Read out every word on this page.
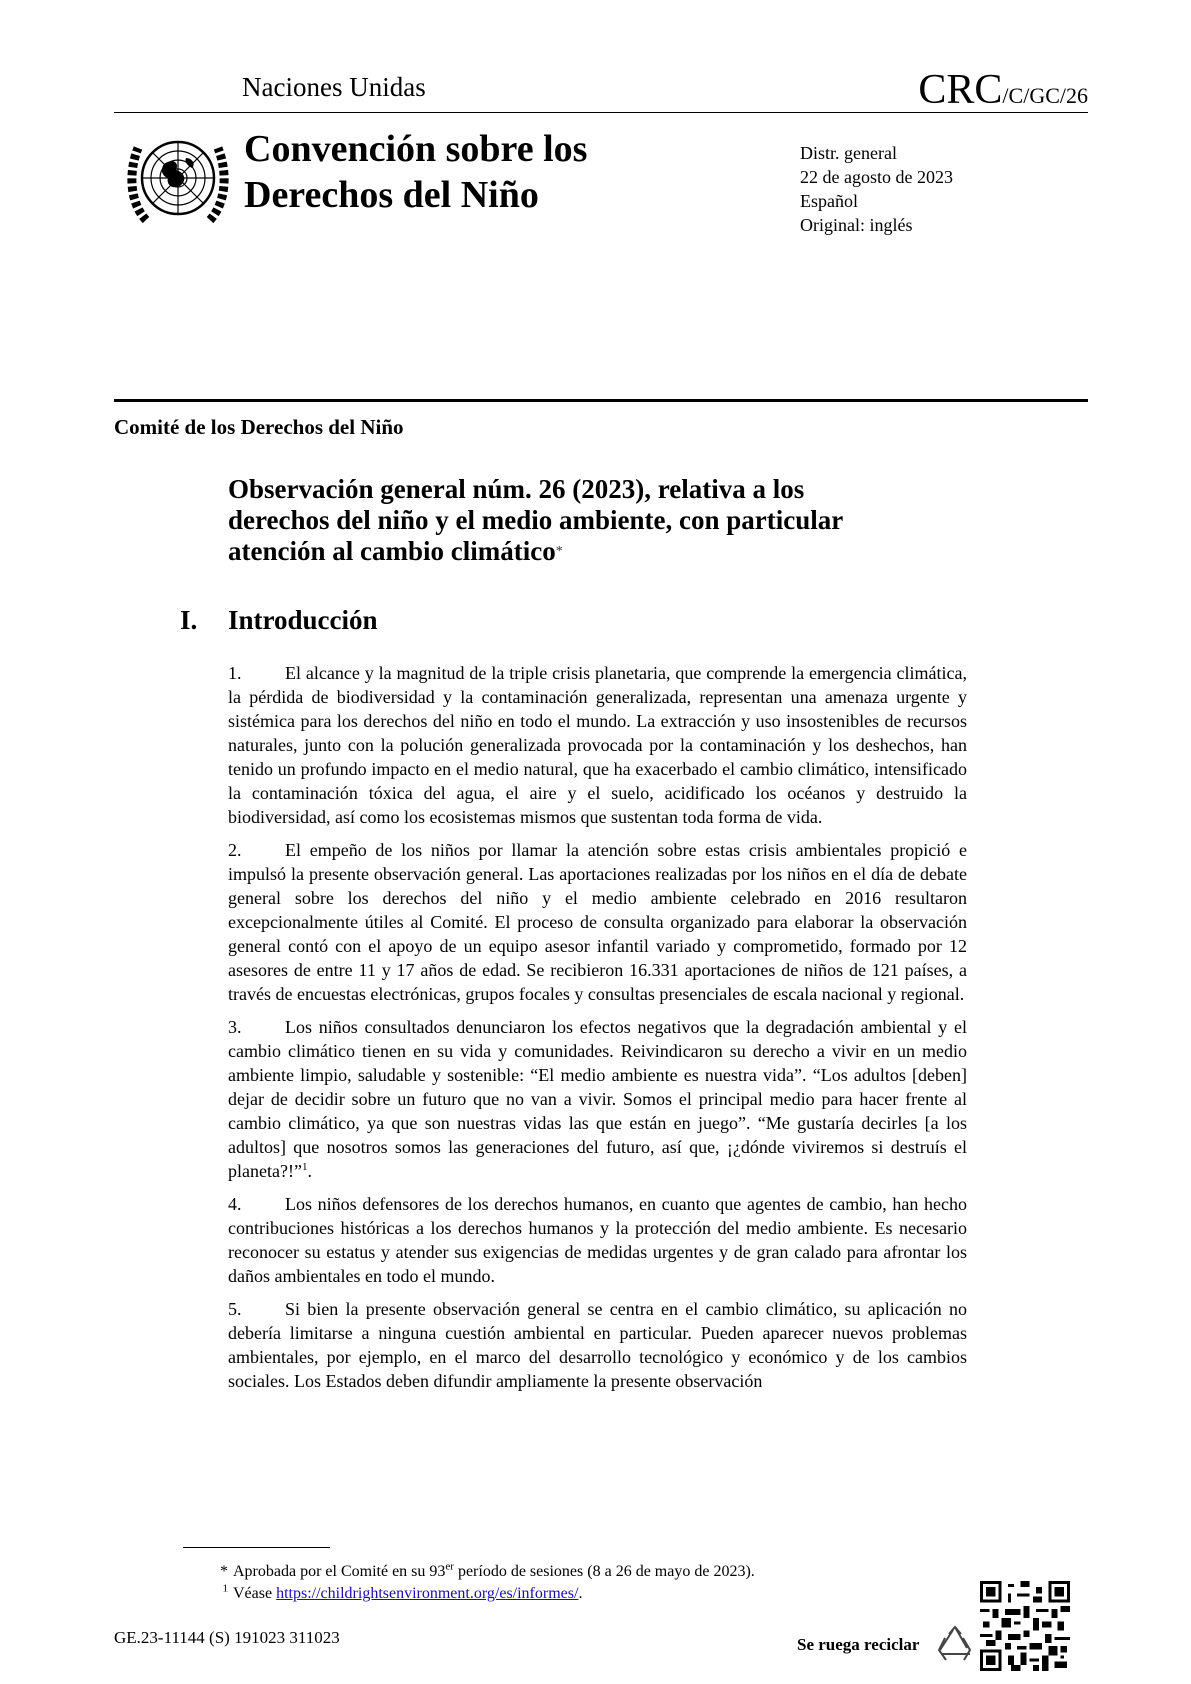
Naciones Unidas	CRC/C/GC/26
Convención sobre los
Derechos del Niño
Distr. general
22 de agosto de 2023
Español
Original: inglés
Comité de los Derechos del Niño
Observación general núm. 26 (2023), relativa a los
derechos del niño y el medio ambiente, con particular
atención al cambio climático*
I. Introducción

1. El alcance y la magnitud de la triple crisis planetaria, que comprende la emergencia climática, la pérdida de biodiversidad y la contaminación generalizada, representan una amenaza urgente y sistémica para los derechos del niño en todo el mundo. La extracción y uso insostenibles de recursos naturales, junto con la polución generalizada provocada por la contaminación y los deshechos, han tenido un profundo impacto en el medio natural, que ha exacerbado el cambio climático, intensificado la contaminación tóxica del agua, el aire y el suelo, acidificado los océanos y destruido la biodiversidad, así como los ecosistemas mismos que sustentan toda forma de vida.

2. El empeño de los niños por llamar la atención sobre estas crisis ambientales propició e impulsó la presente observación general. Las aportaciones realizadas por los niños en el día de debate general sobre los derechos del niño y el medio ambiente celebrado en 2016 resultaron excepcionalmente útiles al Comité. El proceso de consulta organizado para elaborar la observación general contó con el apoyo de un equipo asesor infantil variado y comprometido, formado por 12 asesores de entre 11 y 17 años de edad. Se recibieron 16.331 aportaciones de niños de 121 países, a través de encuestas electrónicas, grupos focales y consultas presenciales de escala nacional y regional.

3. Los niños consultados denunciaron los efectos negativos que la degradación ambiental y el cambio climático tienen en su vida y comunidades. Reivindicaron su derecho a vivir en un medio ambiente limpio, saludable y sostenible: “El medio ambiente es nuestra vida”. “Los adultos [deben] dejar de decidir sobre un futuro que no van a vivir. Somos el principal medio para hacer frente al cambio climático, ya que son nuestras vidas las que están en juego”. “Me gustaría decirles [a los adultos] que nosotros somos las generaciones del futuro, así que, ¡¿dónde viviremos si destruís el planeta?!”$^1$.

4. Los niños defensores de los derechos humanos, en cuanto que agentes de cambio, han hecho contribuciones históricas a los derechos humanos y la protección del medio ambiente. Es necesario reconocer su estatus y atender sus exigencias de medidas urgentes y de gran calado para afrontar los daños ambientales en todo el mundo.

5. Si bien la presente observación general se centra en el cambio climático, su aplicación no debería limitarse a ninguna cuestión ambiental en particular. Pueden aparecer nuevos problemas ambientales, por ejemplo, en el marco del desarrollo tecnológico y económico y de los cambios sociales. Los Estados deben difundir ampliamente la presente observación

* Aprobada por el Comité en su 93er período de sesiones (8 a 26 de mayo de 2023).
$^1$ Véase https://childrightsenvironment.org/es/informes/.
GE.23-11144 (S) 191023 311023	Se ruega reciclar
